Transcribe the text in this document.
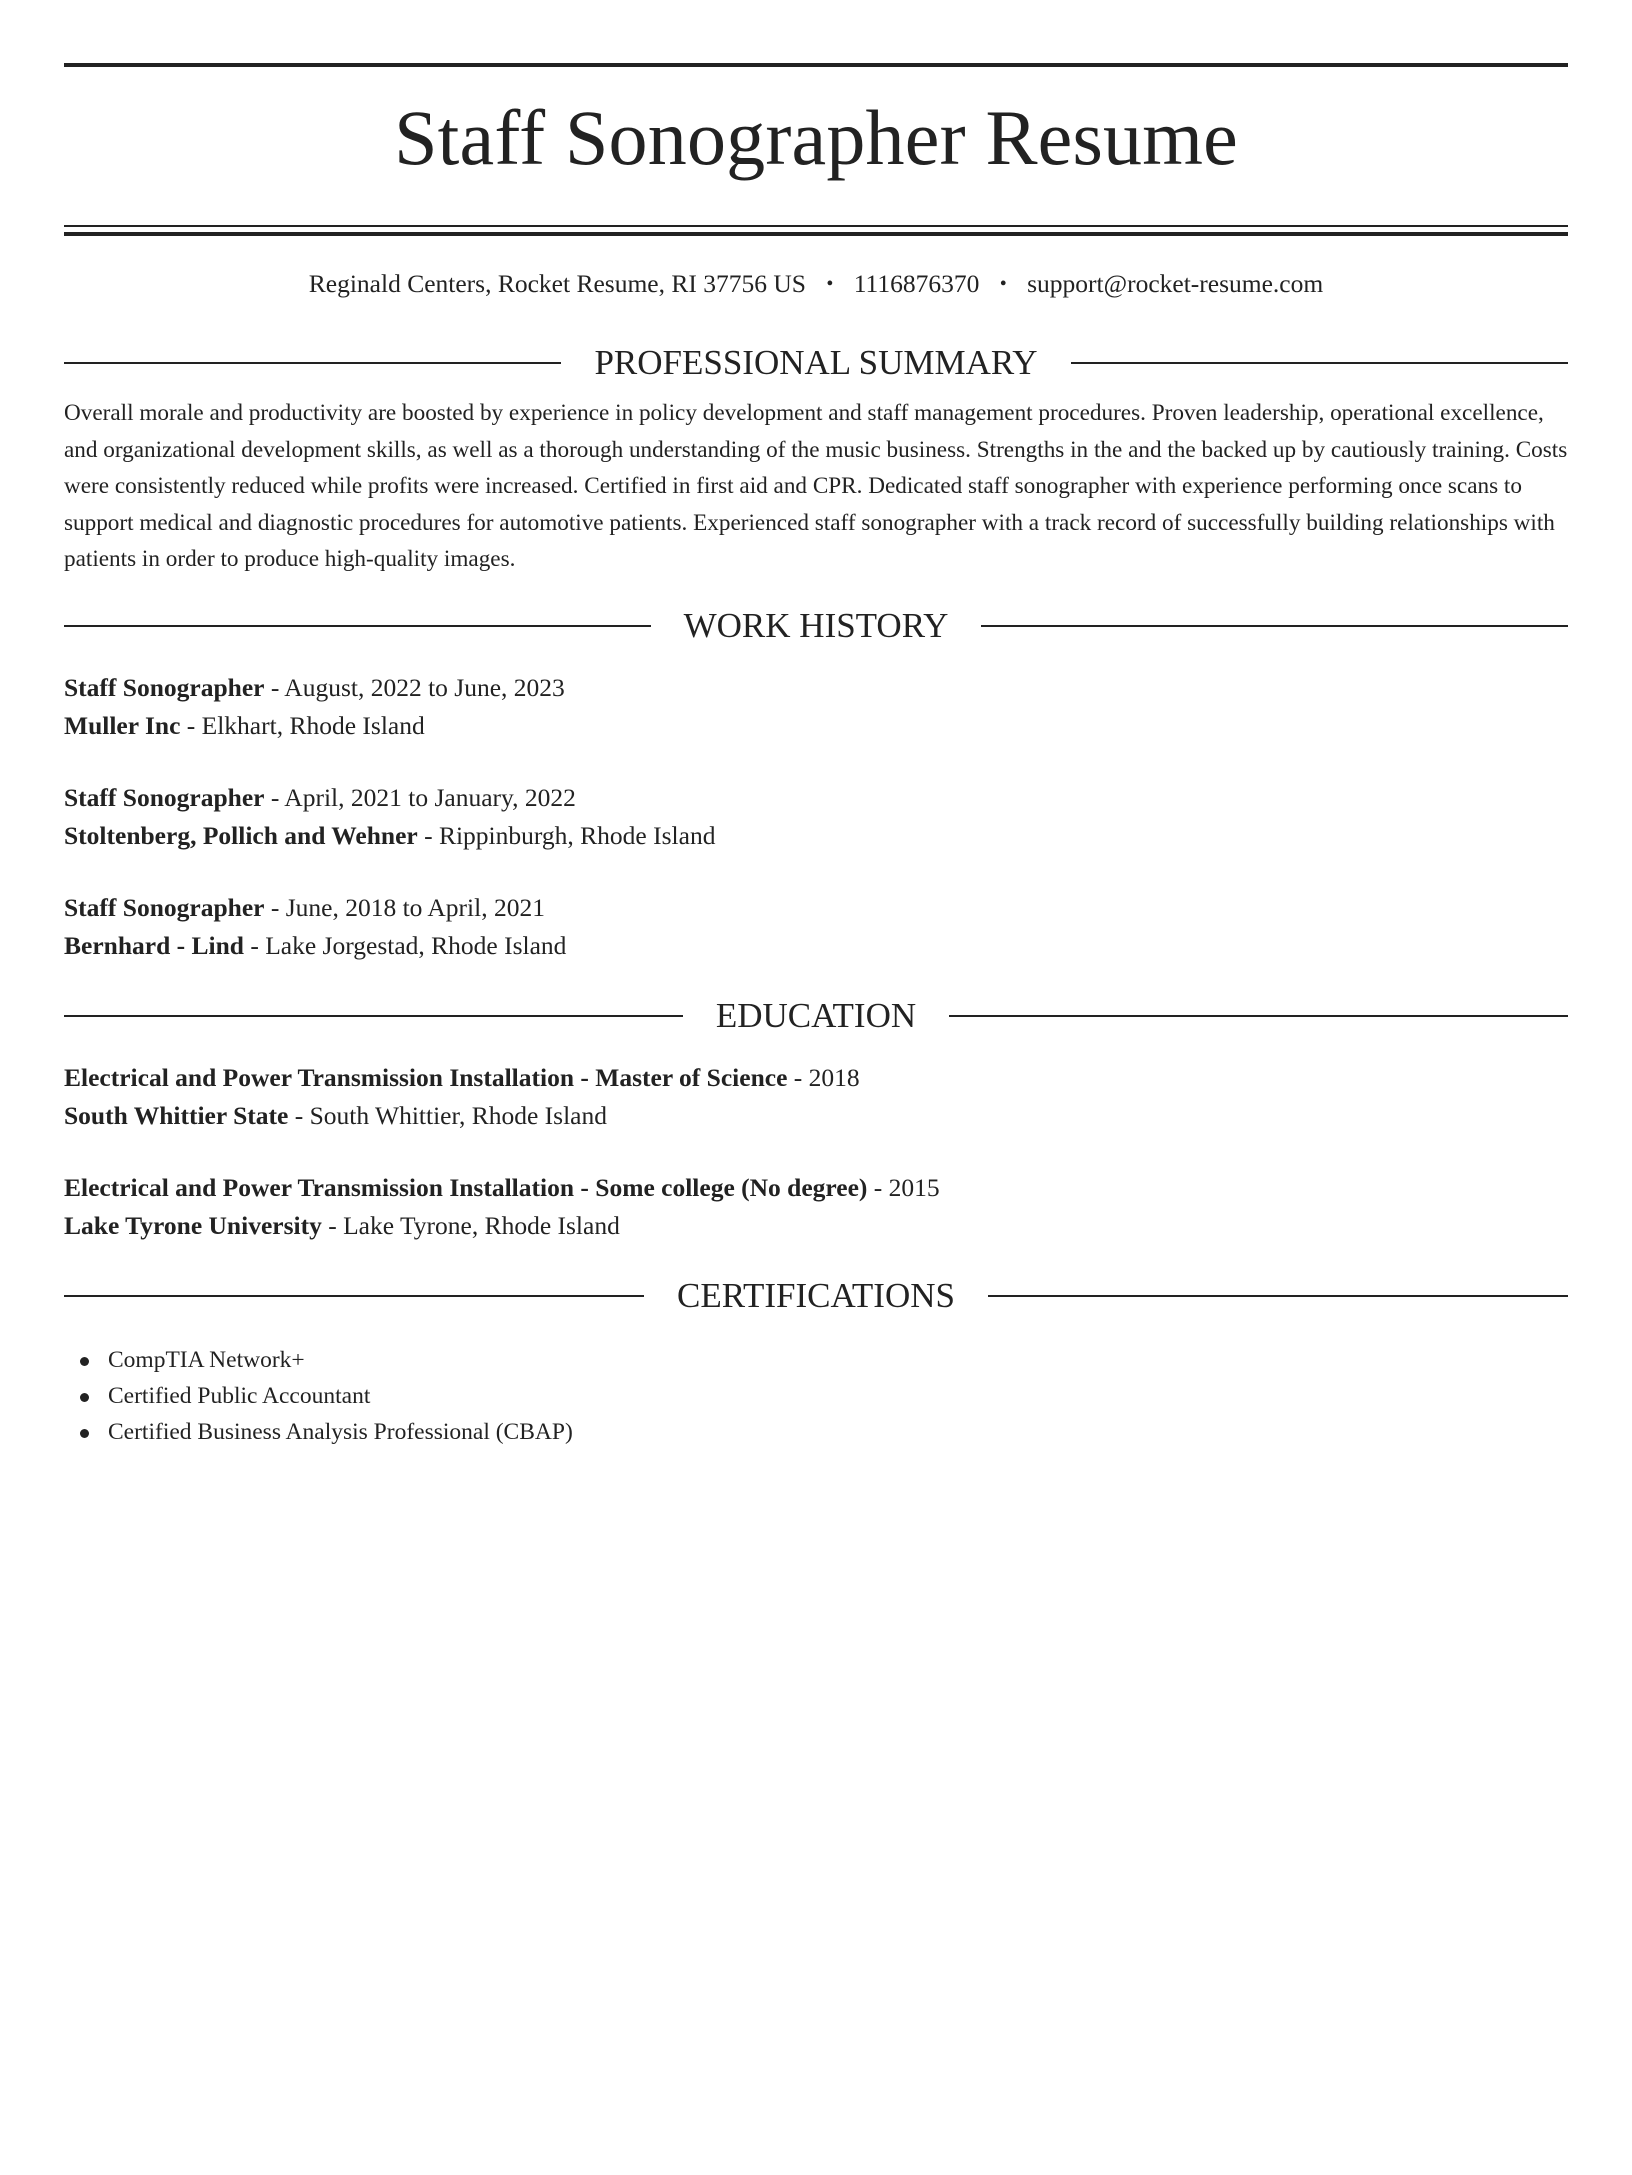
Staff Sonographer Resume
Reginald Centers, Rocket Resume, RI 37756 US • 1116876370 • support@rocket-resume.com
PROFESSIONAL SUMMARY

Overall morale and productivity are boosted by experience in policy development and staff management procedures. Proven leadership, operational excellence, and organizational development skills, as well as a thorough understanding of the music business. Strengths in the and the backed up by cautiously training. Costs were consistently reduced while profits were increased. Certified in first aid and CPR. Dedicated staff sonographer with experience performing once scans to support medical and diagnostic procedures for automotive patients. Experienced staff sonographer with a track record of successfully building relationships with patients in order to produce high-quality images.

WORK HISTORY
Staff Sonographer - August, 2022 to June, 2023
Muller Inc - Elkhart, Rhode Island
Staff Sonographer - April, 2021 to January, 2022
Stoltenberg, Pollich and Wehner - Rippinburgh, Rhode Island
Staff Sonographer - June, 2018 to April, 2021
Bernhard - Lind - Lake Jorgestad, Rhode Island
EDUCATION
Electrical and Power Transmission Installation - Master of Science - 2018
South Whittier State - South Whittier, Rhode Island
Electrical and Power Transmission Installation - Some college (No degree) - 2015
Lake Tyrone University - Lake Tyrone, Rhode Island
CERTIFICATIONS
CompTIA Network+
Certified Public Accountant
Certified Business Analysis Professional (CBAP)
